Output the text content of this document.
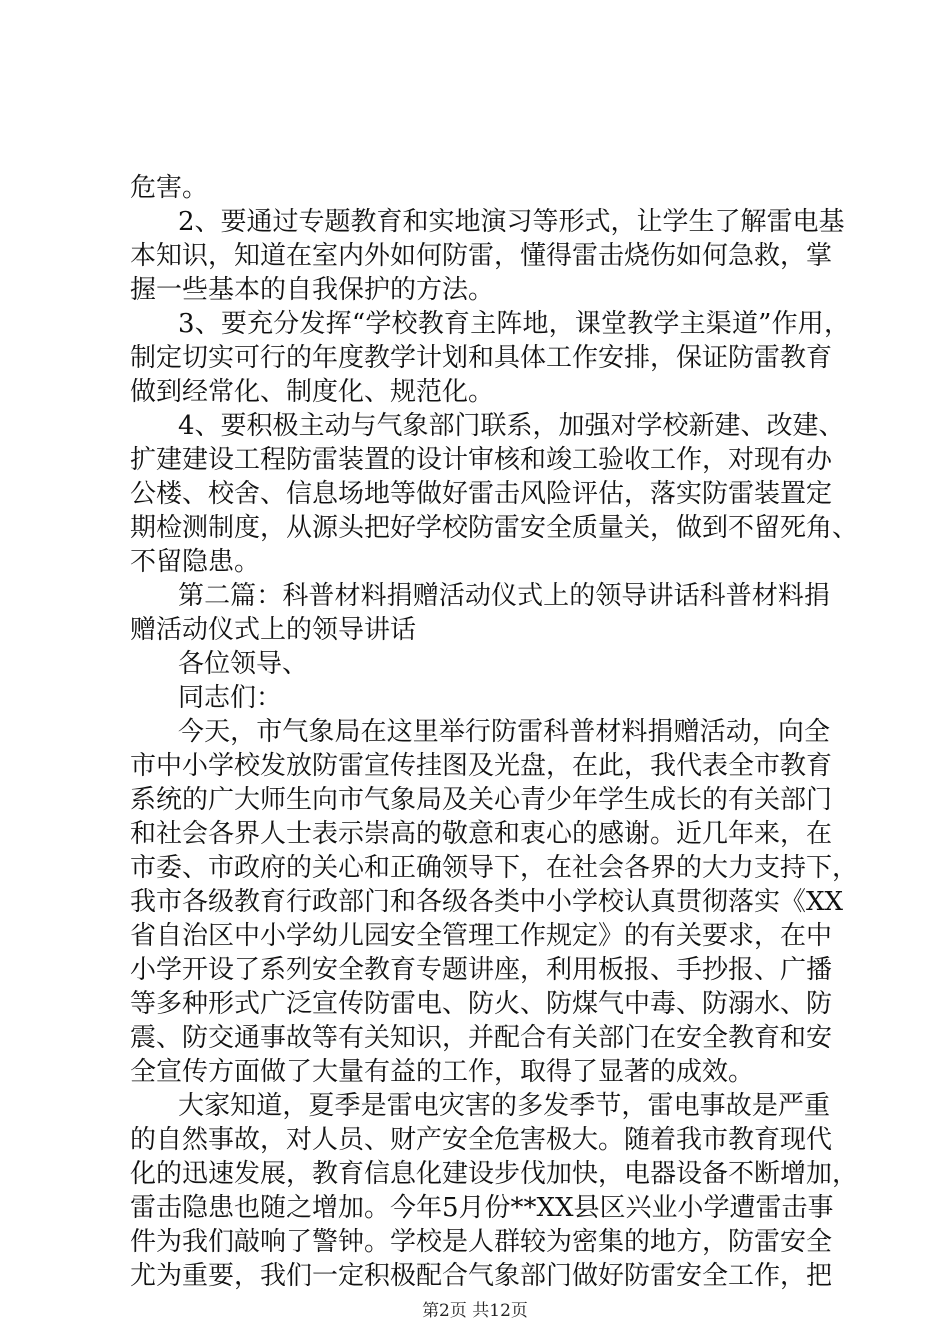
危害。
2、要通过专题教育和实地演习等形式，让学生了解雷电基
本知识，知道在室内外如何防雷，懂得雷击烧伤如何急救，掌
握一些基本的自我保护的方法。
3、要充分发挥“学校教育主阵地，课堂教学主渠道”作用，
制定切实可行的年度教学计划和具体工作安排，保证防雷教育
做到经常化、制度化、规范化。
4、要积极主动与气象部门联系，加强对学校新建、改建、
扩建建设工程防雷装置的设计审核和竣工验收工作，对现有办
公楼、校舍、信息场地等做好雷击风险评估，落实防雷装置定
期检测制度，从源头把好学校防雷安全质量关，做到不留死角、
不留隐患。
第二篇：科普材料捐赠活动仪式上的领导讲话科普材料捐
赠活动仪式上的领导讲话
各位领导、
同志们：
今天，市气象局在这里举行防雷科普材料捐赠活动，向全
市中小学校发放防雷宣传挂图及光盘，在此，我代表全市教育
系统的广大师生向市气象局及关心青少年学生成长的有关部门
和社会各界人士表示崇高的敬意和衷心的感谢。近几年来，在
市委、市政府的关心和正确领导下，在社会各界的大力支持下，
我市各级教育行政部门和各级各类中小学校认真贯彻落实《XX
省自治区中小学幼儿园安全管理工作规定》的有关要求，在中
小学开设了系列安全教育专题讲座，利用板报、手抄报、广播
等多种形式广泛宣传防雷电、防火、防煤气中毒、防溺水、防
震、防交通事故等有关知识，并配合有关部门在安全教育和安
全宣传方面做了大量有益的工作，取得了显著的成效。
大家知道，夏季是雷电灾害的多发季节，雷电事故是严重
的自然事故，对人员、财产安全危害极大。随着我市教育现代
化的迅速发展，教育信息化建设步伐加快，电器设备不断增加，
雷击隐患也随之增加。今年5月份**XX县区兴业小学遭雷击事
件为我们敲响了警钟。学校是人群较为密集的地方，防雷安全
尤为重要，我们一定积极配合气象部门做好防雷安全工作，把
第2页 共12页
